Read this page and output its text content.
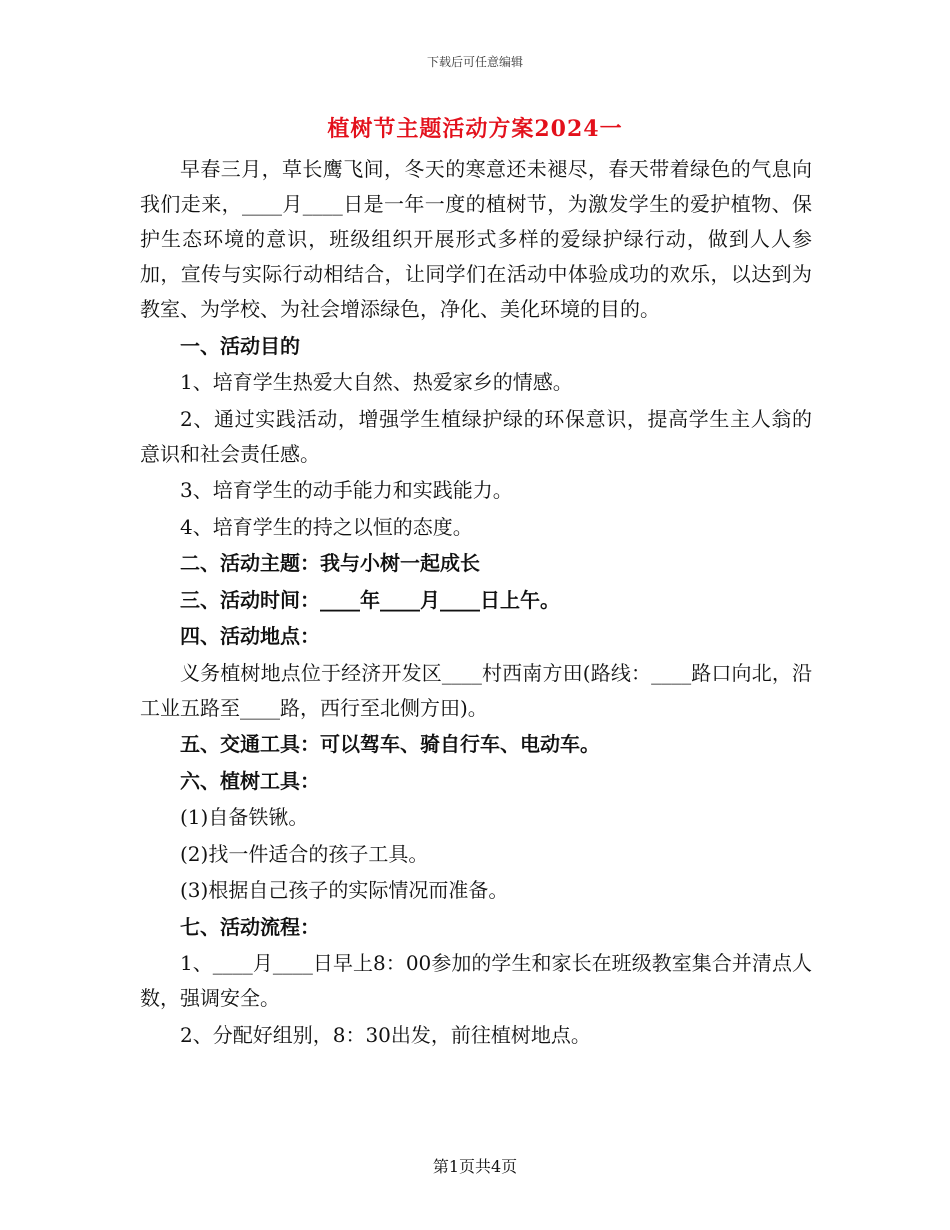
下载后可任意编辑
植树节主题活动方案2024一

早春三月，草长鹰飞间，冬天的寒意还未褪尽，春天带着绿色的气息向我们走来，____月____日是一年一度的植树节，为激发学生的爱护植物、保护生态环境的意识，班级组织开展形式多样的爱绿护绿行动，做到人人参加，宣传与实际行动相结合，让同学们在活动中体验成功的欢乐，以达到为教室、为学校、为社会增添绿色，净化、美化环境的目的。

一、活动目的

1、培育学生热爱大自然、热爱家乡的情感。

2、通过实践活动，增强学生植绿护绿的环保意识，提高学生主人翁的意识和社会责任感。

3、培育学生的动手能力和实践能力。

4、培育学生的持之以恒的态度。

二、活动主题：我与小树一起成长

三、活动时间：____年____月____日上午。

四、活动地点：

义务植树地点位于经济开发区____村西南方田(路线：____路口向北，沿工业五路至____路，西行至北侧方田)。

五、交通工具：可以驾车、骑自行车、电动车。

六、植树工具：

(1)自备铁锹。

(2)找一件适合的孩子工具。

(3)根据自己孩子的实际情况而准备。

七、活动流程：

1、____月____日早上8：00参加的学生和家长在班级教室集合并清点人数，强调安全。

2、分配好组别，8：30出发，前往植树地点。

第1页共4页
